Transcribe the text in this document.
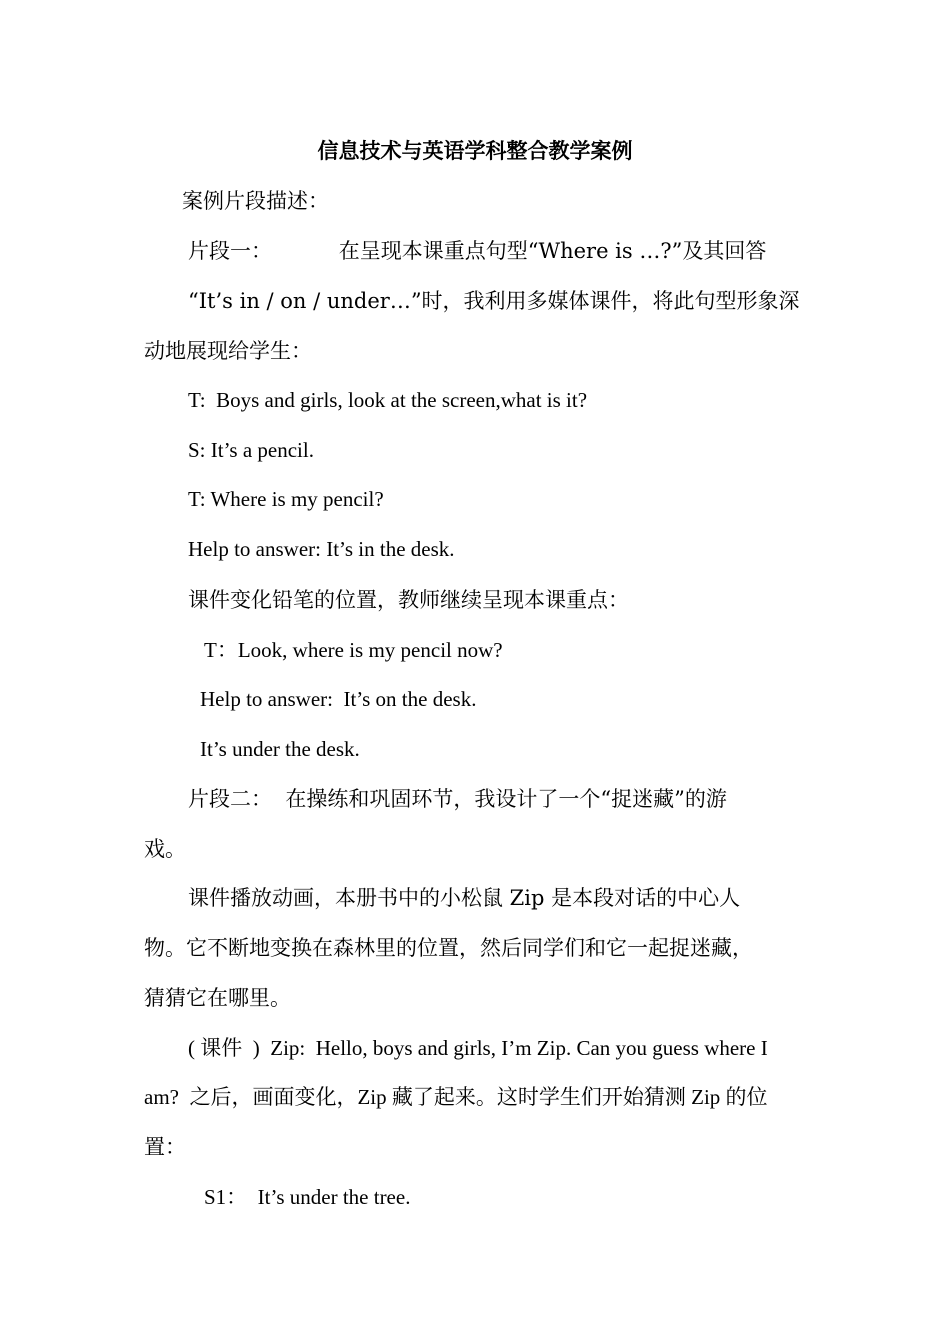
信息技术与英语学科整合教学案例
案例片段描述：
片段一：          在呈现本课重点句型“Where is …?”及其回答
“It’s in / on / under…”时，我利用多媒体课件，将此句型形象深
动地展现给学生：
T:  Boys and girls, look at the screen,what is it?
S: It’s a pencil.
T: Where is my pencil?
Help to answer: It’s in the desk.
课件变化铅笔的位置，教师继续呈现本课重点：
T：Look, where is my pencil now?
Help to answer:  It’s on the desk.
It’s under the desk.
片段二：  在操练和巩固环节，我设计了一个“捉迷藏”的游
戏。
课件播放动画，本册书中的小松鼠 Zip 是本段对话的中心人
物。它不断地变换在森林里的位置，然后同学们和它一起捉迷藏，
猜猜它在哪里。
( 课件  )  Zip:  Hello, boys and girls, I’m Zip. Can you guess where I
am?  之后，画面变化，Zip 藏了起来。这时学生们开始猜测 Zip 的位
置：
S1：  It’s under the tree.
